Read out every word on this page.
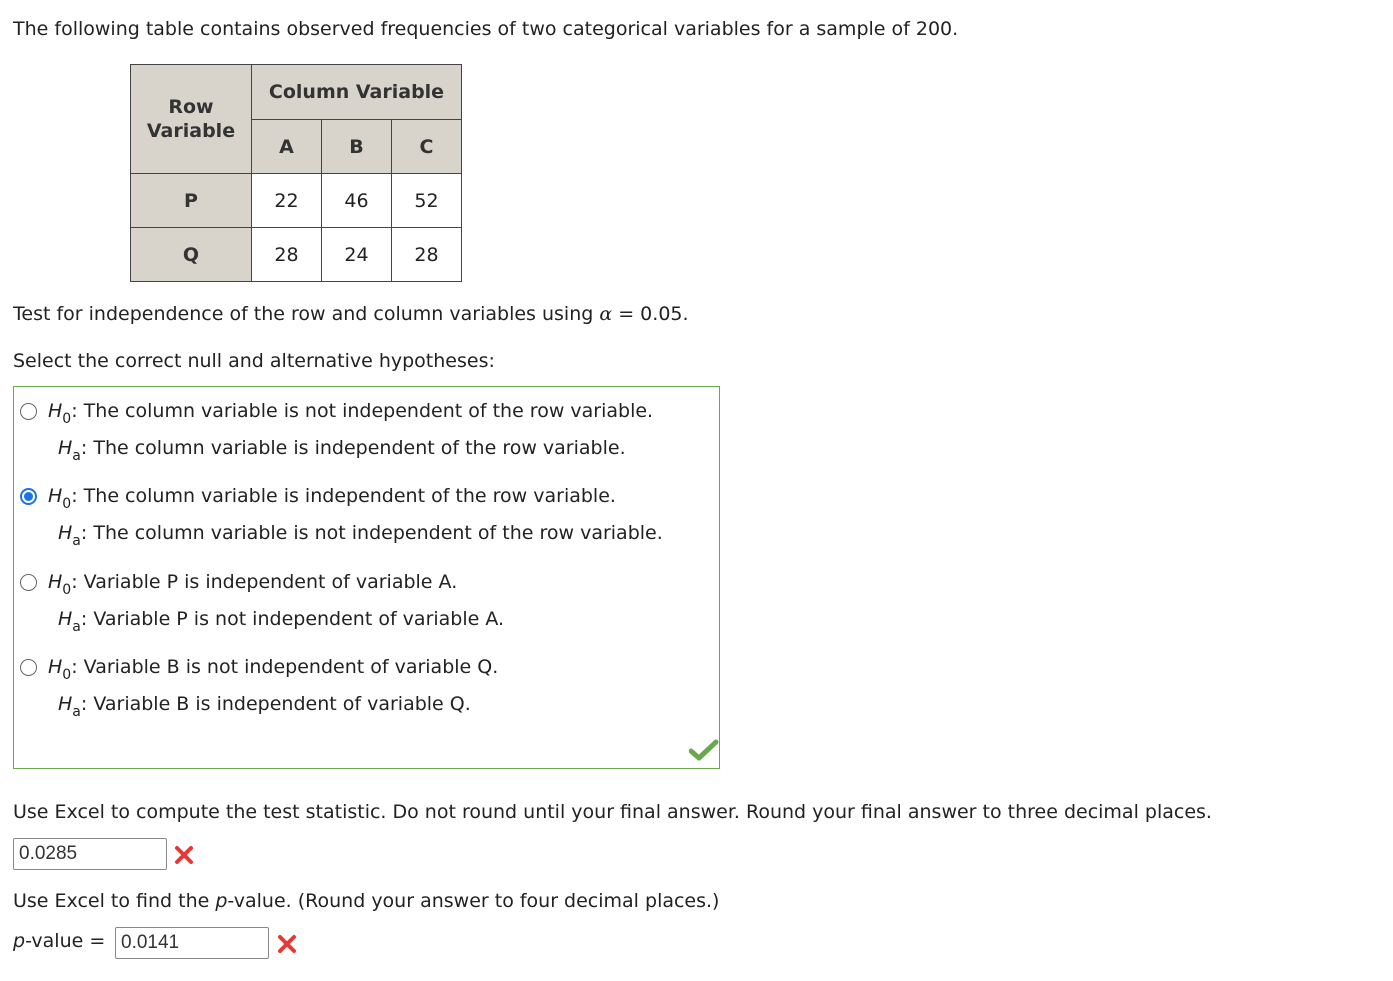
The following table contains observed frequencies of two categorical variables for a sample of 200.
Row Variable	Column Variable		
	A	B	C
P	22	46	52
Q	28	24	28
Test for independence of the row and column variables using α = 0.05.
Select the correct null and alternative hypotheses:
$H_0$: The column variable is not independent of the row variable.
$H_a$: The column variable is independent of the row variable.
$H_0$: The column variable is independent of the row variable.
$H_a$: The column variable is not independent of the row variable.
$H_0$: Variable P is independent of variable A.
$H_a$: Variable P is not independent of variable A.
$H_0$: Variable B is not independent of variable Q.
$H_a$: Variable B is independent of variable Q.
Use Excel to compute the test statistic. Do not round until your final answer. Round your final answer to three decimal places.
0.0285
Use Excel to find the p-value. (Round your answer to four decimal places.)
p-value =
0.0141
